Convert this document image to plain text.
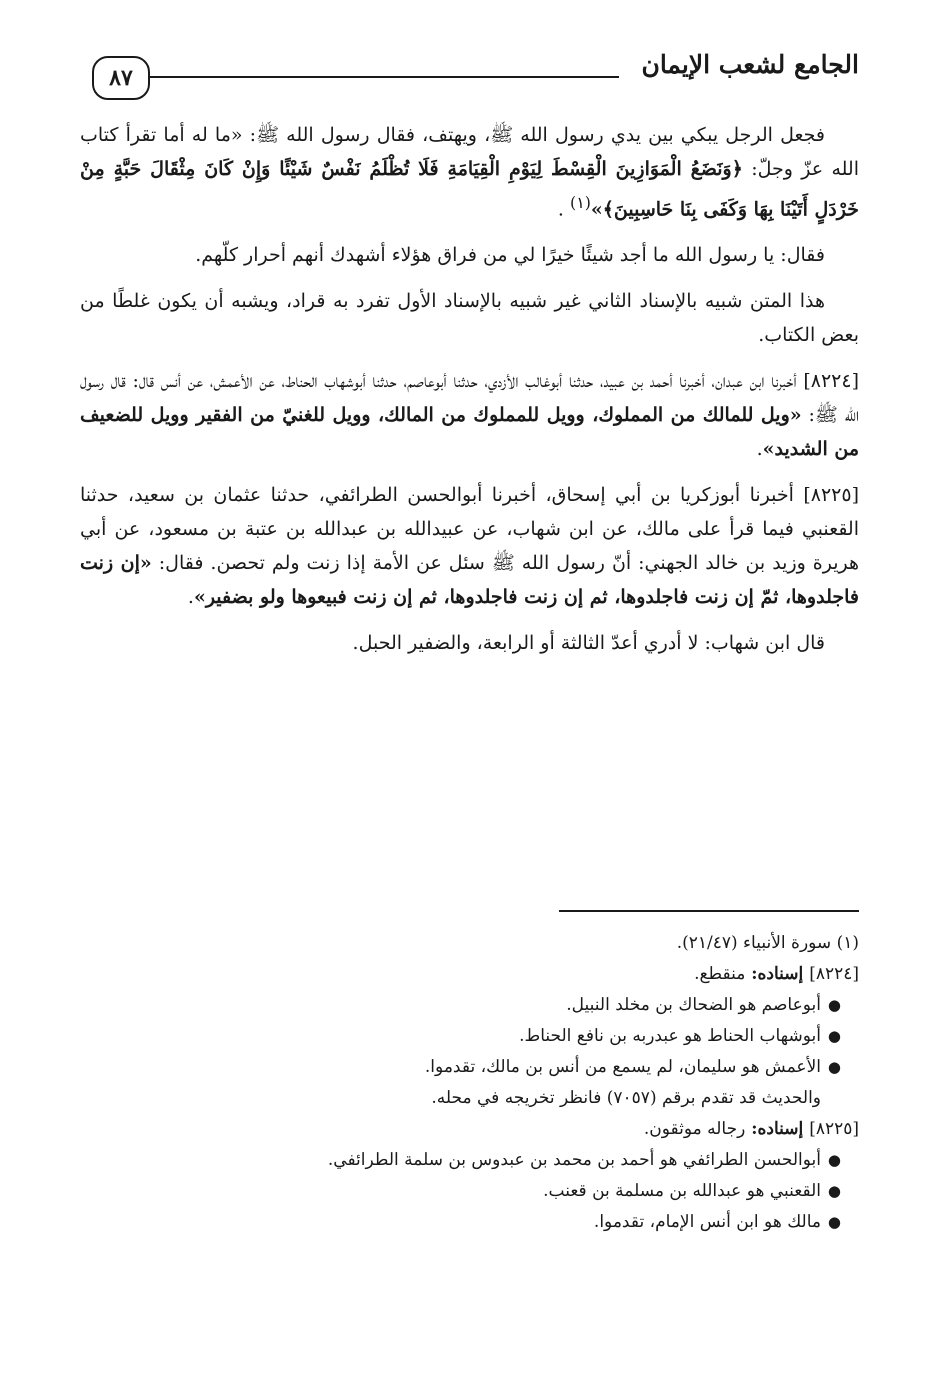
الجامع لشعب الإيمان
٨٧

فجعل الرجل يبكي بين يدي رسول الله ﷺ، ويهتف، فقال رسول الله ﷺ: «ما له أما تقرأ كتاب الله عزّ وجلّ: ﴿وَنَضَعُ الْمَوَازِينَ الْقِسْطَ لِيَوْمِ الْقِيَامَةِ فَلَا تُظْلَمُ نَفْسٌ شَيْئًا وَإِنْ كَانَ مِثْقَالَ حَبَّةٍ مِنْ خَرْدَلٍ أَتَيْنَا بِهَا وَكَفَى بِنَا حَاسِبِينَ﴾»$^{(١)}$ .

فقال: يا رسول الله ما أجد شيئًا خيرًا لي من فراق هؤلاء أشهدك أنهم أحرار كلّهم.

هذا المتن شبيه بالإسناد الثاني غير شبيه بالإسناد الأول تفرد به قراد، ويشبه أن يكون غلطًا من بعض الكتاب.

[٨٢٢٤] أخبرنا ابن عبدان، أخبرنا أحمد بن عبيد، حدثنا أبوغالب الأزدي، حدثنا أبوعاصم، حدثنا أبوشهاب الحناط، عن الأعمش، عن أنس قال: قال رسول الله ﷺ: «ويل للمالك من المملوك، وويل للمملوك من المالك، وويل للغنيّ من الفقير وويل للضعيف من الشديد».

[٨٢٢٥] أخبرنا أبوزكريا بن أبي إسحاق، أخبرنا أبوالحسن الطرائفي، حدثنا عثمان بن سعيد، حدثنا القعنبي فيما قرأ على مالك، عن ابن شهاب، عن عبيدالله بن عبدالله بن عتبة بن مسعود، عن أبي هريرة وزيد بن خالد الجهني: أنّ رسول الله ﷺ سئل عن الأمة إذا زنت ولم تحصن. فقال: «إن زنت فاجلدوها، ثمّ إن زنت فاجلدوها، ثم إن زنت فاجلدوها، ثم إن زنت فبيعوها ولو بضفير».

قال ابن شهاب: لا أدري أعدّ الثالثة أو الرابعة، والضفير الحبل.

(١) سورة الأنبياء (٢١/٤٧).

[٨٢٢٤] إسناده: منقطع.

●
أبوعاصم هو الضحاك بن مخلد النبيل.
●
أبوشهاب الحناط هو عبدربه بن نافع الحناط.
●
الأعمش هو سليمان، لم يسمع من أنس بن مالك، تقدموا.

والحديث قد تقدم برقم (٧٠٥٧) فانظر تخريجه في محله.

[٨٢٢٥] إسناده: رجاله موثقون.

●
أبوالحسن الطرائفي هو أحمد بن محمد بن عبدوس بن سلمة الطرائفي.
●
القعنبي هو عبدالله بن مسلمة بن قعنب.
●
مالك هو ابن أنس الإمام، تقدموا.
